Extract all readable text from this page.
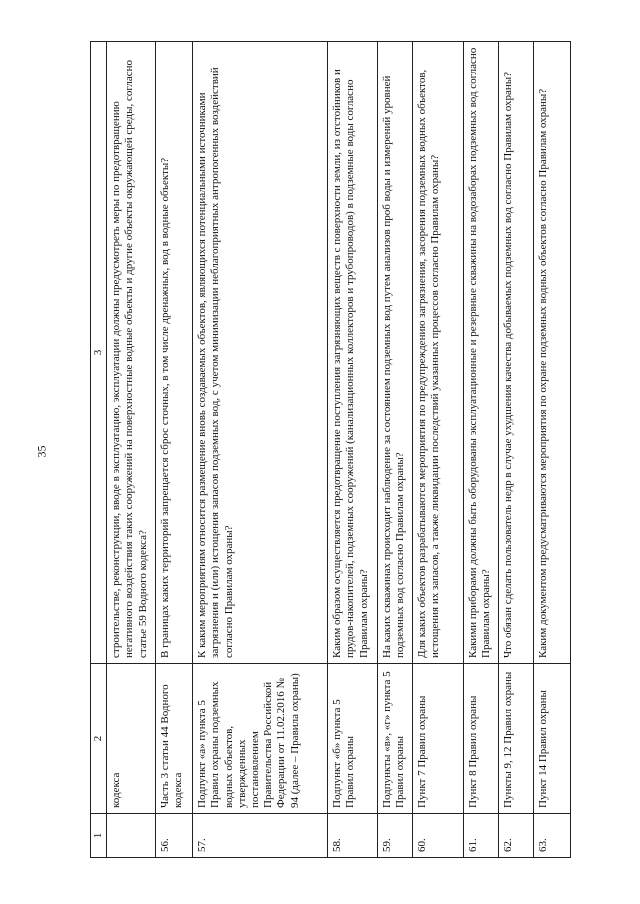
35
1	2	3
	кодекса	строительстве, реконструкции, вводе в эксплуатацию, эксплуатации должны предусмотреть меры по предотвращению негативного воздействия таких сооружений на поверхностные водные объекты и другие объекты окружающей среды, согласно статье 59 Водного кодекса?
56.	Часть 3 статьи 44 Водного кодекса	В границах каких территорий запрещается сброс сточных, в том числе дренажных, вод в водные объекты?
57.	Подпункт «а» пункта 5 Правил охраны подземных водных объектов, утвержденных постановлением Правительства Российской Федерации от 11.02.2016 № 94 (далее – Правила охраны)	К каким мероприятиям относится размещение вновь создаваемых объектов, являющихся потенциальными источниками загрязнения и (или) истощения запасов подземных вод, с учетом минимизации неблагоприятных антропогенных воздействий согласно Правилам охраны?
58.	Подпункт «б» пункта 5 Правил охраны	Каким образом осуществляется предотвращение поступления загрязняющих веществ с поверхности земли, из отстойников и прудов-накопителей, подземных сооружений (канализационных коллекторов и трубопроводов) в подземные воды согласно Правилам охраны?
59.	Подпункты «в», «г» пункта 5 Правил охраны	На каких скважинах происходит наблюдение за состоянием подземных вод путем анализов проб воды и измерений уровней подземных вод согласно Правилам охраны?
60.	Пункт 7 Правил охраны	Для каких объектов разрабатываются мероприятия по предупреждению загрязнения, засорения подземных водных объектов, истощения их запасов, а также ликвидации последствий указанных процессов согласно Правилам охраны?
61.	Пункт 8 Правил охраны	Какими приборами должны быть оборудованы эксплуатационные и резервные скважины на водозаборах подземных вод согласно Правилам охраны?
62.	Пункты 9, 12 Правил охраны	Что обязан сделать пользователь недр в случае ухудшения качества добываемых подземных вод согласно Правилам охраны?
63.	Пункт 14 Правил охраны	Каким документом предусматриваются мероприятия по охране подземных водных объектов согласно Правилам охраны?
